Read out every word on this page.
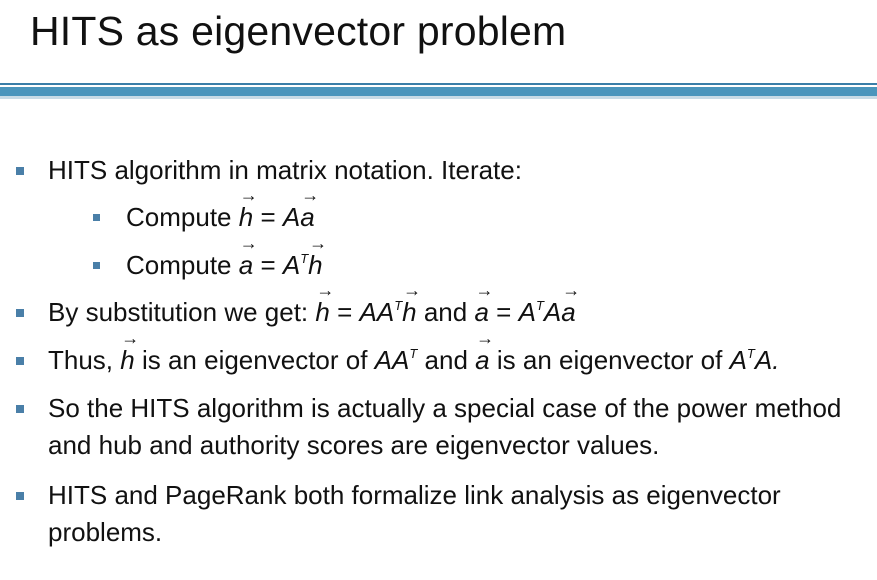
HITS as eigenvector problem
HITS algorithm in matrix notation. Iterate:
Compute → h = A→ a
Compute → $a = A^T\to h$
By substitution we get: → $h = AA^T\to h$ and → $a = A^TA\to a$
Thus, → h is an eigenvector of $AA^T$ and → a is an eigenvector of $A^TA$.
So the HITS algorithm is actually a special case of the power method and hub and authority scores are eigenvector values.
HITS and PageRank both formalize link analysis as eigenvector problems.
